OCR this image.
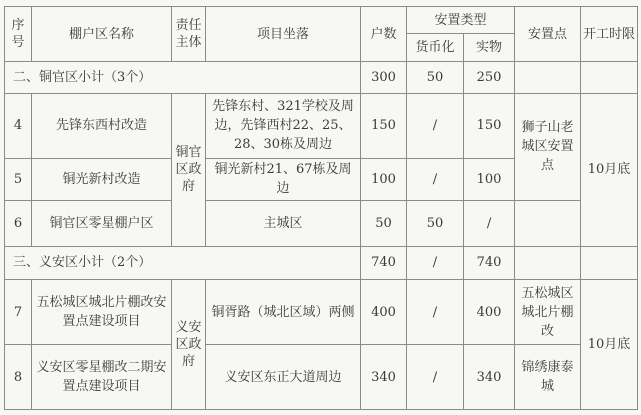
序号	棚户区名称	责任主体	项目坐落	户数	安置类型		安置点	开工时限
					货币化	实物		
二、铜官区小计（3个）				300	50	250		
4	先锋东西村改造	铜官区政府	先锋东村、321学校及周边，先锋西村22、25、28、30栋及周边	150	/	150	狮子山老城区安置点	10月底
5	铜光新村改造		铜光新村21、67栋及周边	100	/	100		
6	铜官区零星棚户区		主城区	50	50	/		
三、义安区小计（2个）				740	/	740		
7	五松城区城北片棚改安置点建设项目	义安区政府	铜胥路（城北区域）两侧	400	/	400	五松城区城北片棚改	10月底
8	义安区零星棚改二期安置点建设项目		义安区东正大道周边	340	/	340	锦绣康泰城	
